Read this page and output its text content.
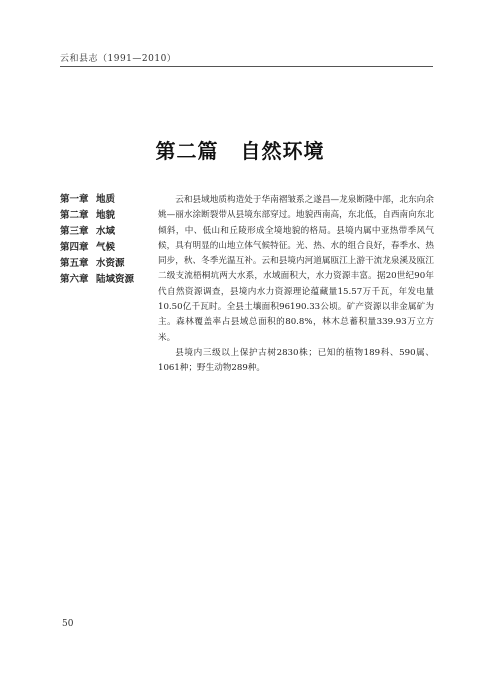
云和县志（1991—2010）
第二篇 自然环境
第一章 地质
第二章 地貌
第三章 水域
第四章 气候
第五章 水资源
第六章 陆域资源

云和县域地质构造处于华南褶皱系之遂昌—龙泉断隆中部，北东向余姚—丽水涂断裂带从县境东部穿过。地貌西南高，东北低，自西南向东北倾斜，中、低山和丘陵形成全境地貌的格局。县境内属中亚热带季风气候，具有明显的山地立体气候特征。光、热、水的组合良好，春季水、热同步，秋、冬季光温互补。云和县境内河道属瓯江上游干流龙泉溪及瓯江二级支流梧桐坑两大水系，水域面积大，水力资源丰富。据20世纪90年代自然资源调查，县境内水力资源理论蕴藏量15.57万千瓦，年发电量10.50亿千瓦时。全县土壤面积96190.33公顷。矿产资源以非金属矿为主。森林覆盖率占县域总面积的80.8%，林木总蓄积量339.93万立方米。

县境内三级以上保护古树2830株；已知的植物189科、590属、1061种；野生动物289种。

50
